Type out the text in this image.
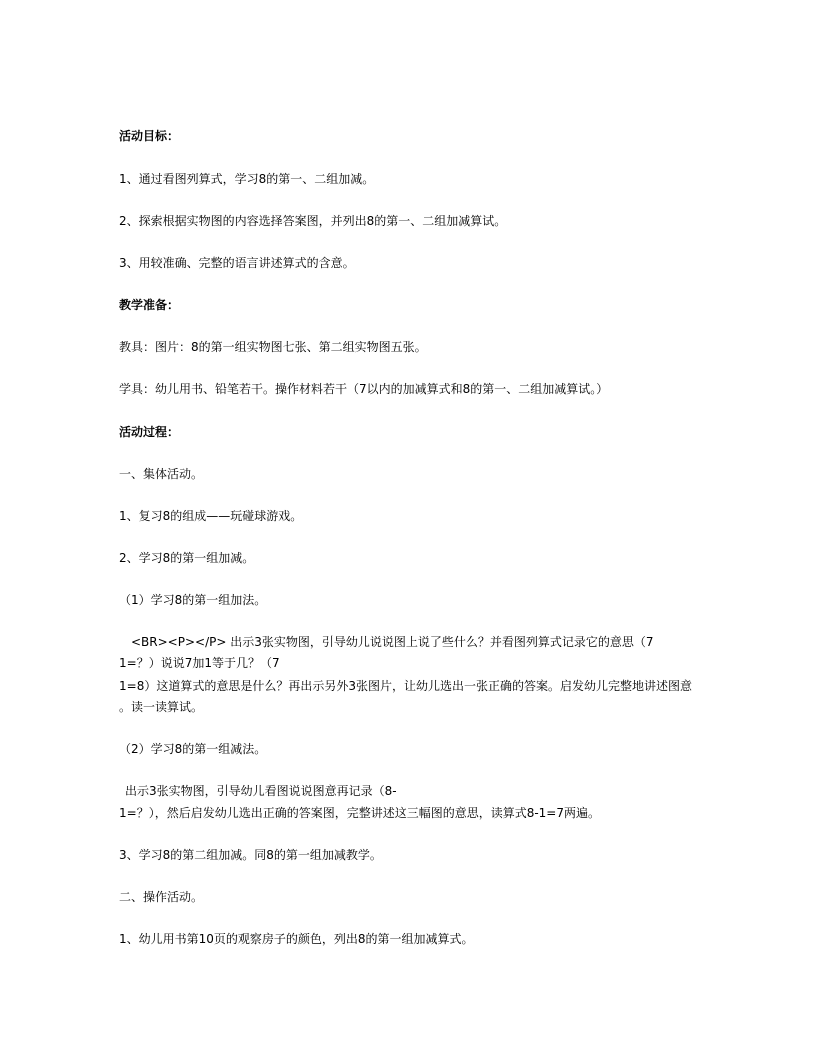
活动目标：
1、通过看图列算式，学习8的第一、二组加减。
2、探索根据实物图的内容选择答案图，并列出8的第一、二组加减算试。
3、用较准确、完整的语言讲述算式的含意。
教学准备：
教具：图片：8的第一组实物图七张、第二组实物图五张。
学具：幼儿用书、铅笔若干。操作材料若干（7以内的加减算式和8的第一、二组加减算试。）
活动过程：
一、集体活动。
1、复习8的组成——玩碰球游戏。
2、学习8的第一组加减。
（1）学习8的第一组加法。
<BR><P></P> 出示3张实物图，引导幼儿说说图上说了些什么？并看图列算式记录它的意思（7
1=？）说说7加1等于几？（7
1=8）这道算式的意思是什么？再出示另外3张图片，让幼儿选出一张正确的答案。启发幼儿完整地讲述图意
。读一读算试。
（2）学习8的第一组减法。
出示3张实物图，引导幼儿看图说说图意再记录（8-
1=？），然后启发幼儿选出正确的答案图，完整讲述这三幅图的意思，读算式8-1=7两遍。
3、学习8的第二组加减。同8的第一组加减教学。
二、操作活动。
1、幼儿用书第10页的观察房子的颜色，列出8的第一组加减算式。
